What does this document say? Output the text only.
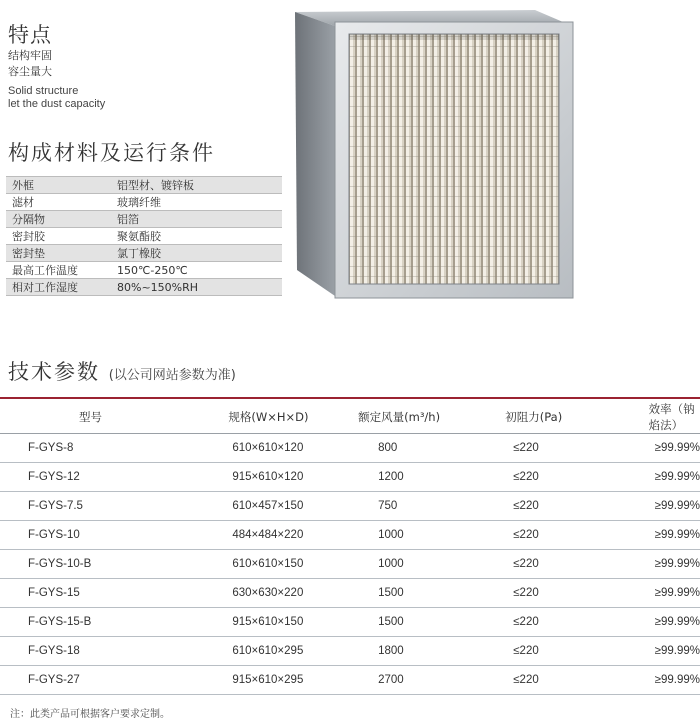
特点
结构牢固
容尘量大
Solid structure
let the dust capacity
构成材料及运行条件
外框	铝型材、镀锌板
滤材	玻璃纤维
分隔物	铝箔
密封胶	聚氨酯胶
密封垫	氯丁橡胶
最高工作温度	150℃-250℃
相对工作湿度	80%~150%RH
技术参数 (以公司网站参数为准)
型号	规格(W×H×D)	额定风量(m³/h)	初阻力(Pa)	效率（钠焰法）
F-GYS-8	610×610×120	800	≤220	≥99.99%
F-GYS-12	915×610×120	1200	≤220	≥99.99%
F-GYS-7.5	610×457×150	750	≤220	≥99.99%
F-GYS-10	484×484×220	1000	≤220	≥99.99%
F-GYS-10-B	610×610×150	1000	≤220	≥99.99%
F-GYS-15	630×630×220	1500	≤220	≥99.99%
F-GYS-15-B	915×610×150	1500	≤220	≥99.99%
F-GYS-18	610×610×295	1800	≤220	≥99.99%
F-GYS-27	915×610×295	2700	≤220	≥99.99%
注：此类产品可根据客户要求定制。
